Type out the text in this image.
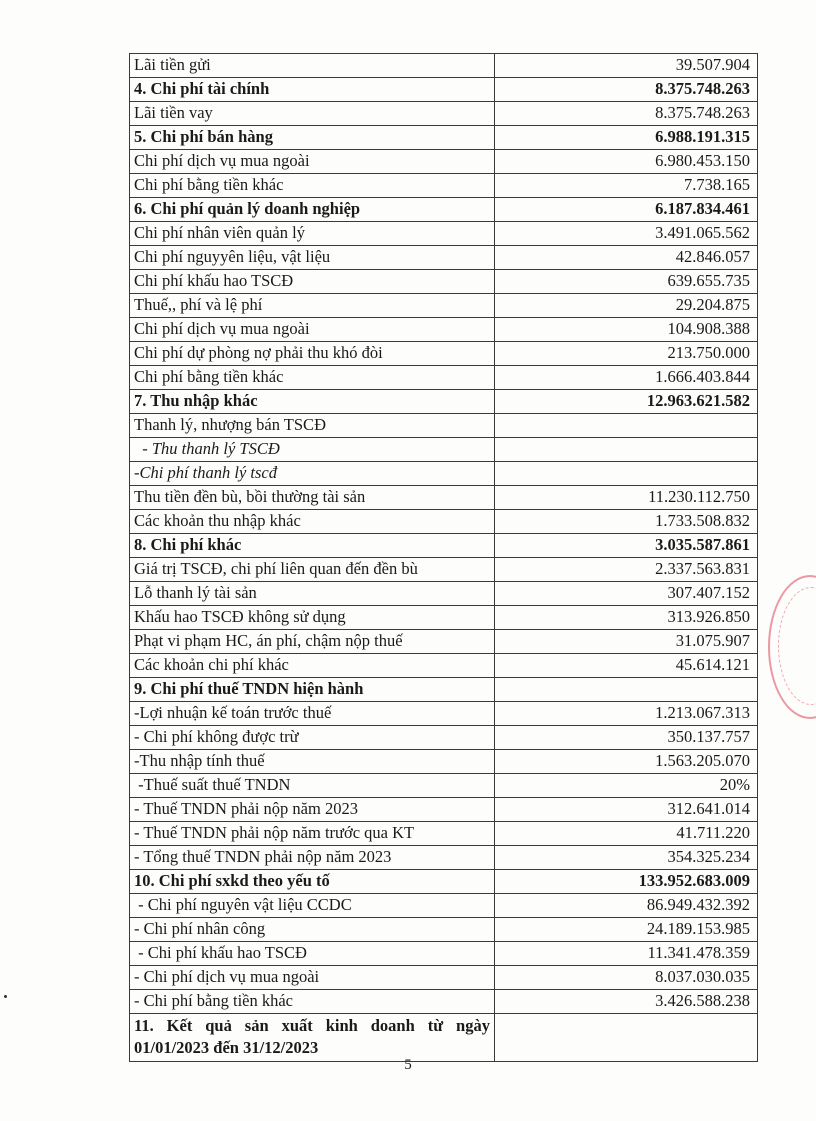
Lãi tiền gửi	39.507.904
4. Chi phí tài chính	8.375.748.263
Lãi tiền vay	8.375.748.263
5. Chi phí bán hàng	6.988.191.315
Chi phí dịch vụ mua ngoài	6.980.453.150
Chi phí bằng tiền khác	7.738.165
6. Chi phí quản lý doanh nghiệp	6.187.834.461
Chi phí nhân viên quản lý	3.491.065.562
Chi phí nguyyên liệu, vật liệu	42.846.057
Chi phí khấu hao TSCĐ	639.655.735
Thuế,, phí và lệ phí	29.204.875
Chi phí dịch vụ mua ngoài	104.908.388
Chi phí dự phòng nợ phải thu khó đòi	213.750.000
Chi phí bằng tiền khác	1.666.403.844
7. Thu nhập khác	12.963.621.582
Thanh lý, nhượng bán TSCĐ	
- Thu thanh lý TSCĐ	
-Chi phí thanh lý tscđ	
Thu tiền đền bù, bồi thường tài sản	11.230.112.750
Các khoản thu nhập khác	1.733.508.832
8. Chi phí khác	3.035.587.861
Giá trị TSCĐ, chi phí liên quan đến đền bù	2.337.563.831
Lỗ thanh lý tài sản	307.407.152
Khấu hao TSCĐ không sử dụng	313.926.850
Phạt vi phạm HC, án phí, chậm nộp thuế	31.075.907
Các khoản chi phí khác	45.614.121
9. Chi phí thuế TNDN hiện hành	
-Lợi nhuận kế toán trước thuế	1.213.067.313
- Chi phí không được trừ	350.137.757
-Thu nhập tính thuế	1.563.205.070
-Thuế suất thuế TNDN	20%
- Thuế TNDN phải nộp năm 2023	312.641.014
- Thuế TNDN phải nộp năm trước qua KT	41.711.220
- Tổng thuế TNDN phải nộp năm 2023	354.325.234
10. Chi phí sxkd theo yếu tố	133.952.683.009
- Chi phí nguyên vật liệu CCDC	86.949.432.392
- Chi phí nhân công	24.189.153.985
- Chi phí khấu hao TSCĐ	11.341.478.359
- Chi phí dịch vụ mua ngoài	8.037.030.035
- Chi phí bằng tiền khác	3.426.588.238

11. Kết quả sản xuất kinh doanh từ ngày
01/01/2023 đến 31/12/2023	

5
